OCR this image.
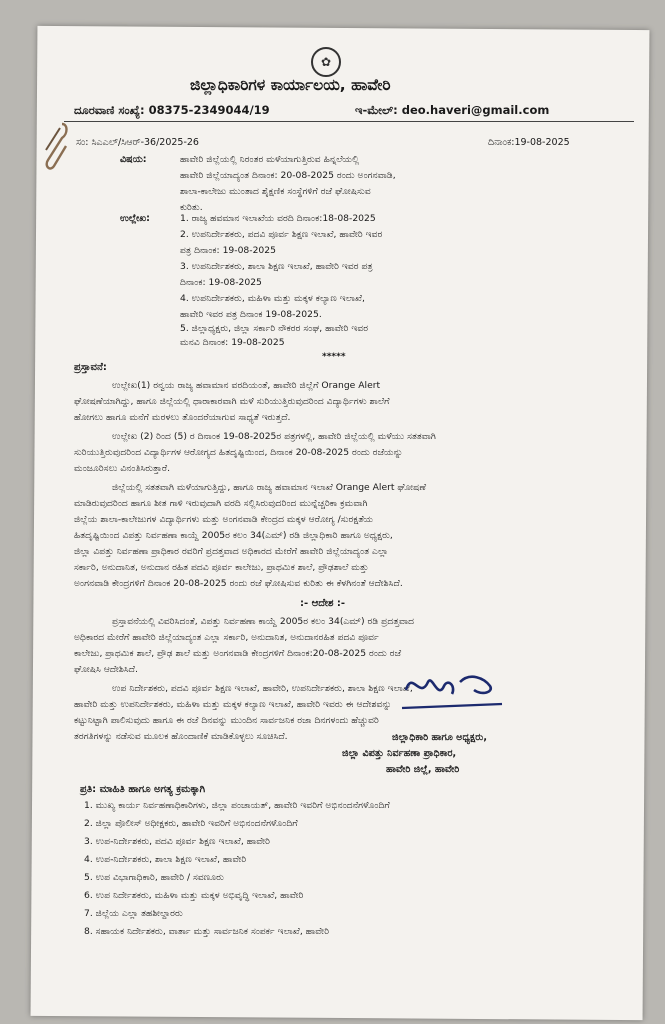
✿
ಜಿಲ್ಲಾಧಿಕಾರಿಗಳ ಕಾರ್ಯಾಲಯ, ಹಾವೇರಿ
ದೂರವಾಣಿ ಸಂಖ್ಯೆ: 08375-2349044/19	ಇ-ಮೇಲ್: deo.haveri@gmail.com
ಸಂ: ಸಿಎಎಲ್/ಸಿಆರ್-36/2025-26	ದಿನಾಂಕ:19-08-2025
ವಿಷಯ:	ಹಾವೇರಿ ಜಿಲ್ಲೆಯಲ್ಲಿ ನಿರಂತರ ಮಳೆಯಾಗುತ್ತಿರುವ ಹಿನ್ನಲೆಯಲ್ಲಿ
ಹಾವೇರಿ ಜಿಲ್ಲೆಯಾದ್ಯಂತ ದಿನಾಂಕ: 20-08-2025 ರಂದು ಅಂಗನವಾಡಿ,
ಶಾಲಾ-ಕಾಲೇಜು ಮುಂತಾದ ಶೈಕ್ಷಣಿಕ ಸಂಸ್ಥೆಗಳಿಗೆ ರಜೆ ಘೋಷಿಸುವ
ಕುರಿತು.
ಉಲ್ಲೇಖ:	1. ರಾಜ್ಯ ಹವಮಾನ ಇಲಾಖೆಯ ವರದಿ ದಿನಾಂಕ:18-08-2025
2. ಉಪನಿರ್ದೇಶಕರು, ಪದವಿ ಪೂರ್ವ ಶಿಕ್ಷಣ ಇಲಾಖೆ, ಹಾವೇರಿ ಇವರ
ಪತ್ರ ದಿನಾಂಕ: 19-08-2025
3. ಉಪನಿರ್ದೇಶಕರು, ಶಾಲಾ ಶಿಕ್ಷಣ ಇಲಾಖೆ, ಹಾವೇರಿ ಇವರ ಪತ್ರ
ದಿನಾಂಕ: 19-08-2025
4. ಉಪನಿರ್ದೇಶಕರು, ಮಹಿಳಾ ಮತ್ತು ಮಕ್ಕಳ ಕಲ್ಯಾಣ ಇಲಾಖೆ,
ಹಾವೇರಿ ಇವರ ಪತ್ರ ದಿನಾಂಕ 19-08-2025.
5. ಜಿಲ್ಲಾಧ್ಯಕ್ಷರು, ಜಿಲ್ಲಾ ಸರ್ಕಾರಿ ನೌಕರರ ಸಂಘ, ಹಾವೇರಿ ಇವರ
ಮನವಿ ದಿನಾಂಕ: 19-08-2025
*****
ಪ್ರಸ್ತಾವನೆ:
ಉಲ್ಲೇಖ(1) ರನ್ವಯ ರಾಜ್ಯ ಹವಾಮಾನ ವರದಿಯಂತೆ, ಹಾವೇರಿ ಜಿಲ್ಲೆಗೆ Orange Alert
ಘೋಷಣೆಯಾಗಿದ್ದು, ಹಾಗೂ ಜಿಲ್ಲೆಯಲ್ಲಿ ಧಾರಾಕಾರವಾಗಿ ಮಳೆ ಸುರಿಯುತ್ತಿರುವುದರಿಂದ ವಿದ್ಯಾರ್ಥಿಗಳು ಶಾಲೆಗೆ
ಹೋಗಲು ಹಾಗೂ ಮನೆಗೆ ಮರಳಲು ತೊಂದರೆಯಾಗುವ ಸಾಧ್ಯತೆ ಇರುತ್ತದೆ.
ಉಲ್ಲೇಖ (2) ರಿಂದ (5) ರ ದಿನಾಂಕ 19-08-2025ರ ಪತ್ರಗಳಲ್ಲಿ, ಹಾವೇರಿ ಜಿಲ್ಲೆಯಲ್ಲಿ ಮಳೆಯು ಸತತವಾಗಿ
ಸುರಿಯುತ್ತಿರುವುದರಿಂದ ವಿದ್ಯಾರ್ಥಿಗಳ ಆರೋಗ್ಯದ ಹಿತದೃಷ್ಟಿಯಿಂದ, ದಿನಾಂಕ 20-08-2025 ರಂದು ರಜೆಯನ್ನು
ಮಂಜೂರಿಸಲು ವಿನಂತಿಸಿರುತ್ತಾರೆ.
ಜಿಲ್ಲೆಯಲ್ಲಿ ಸತತವಾಗಿ ಮಳೆಯಾಗುತ್ತಿದ್ದು, ಹಾಗೂ ರಾಜ್ಯ ಹವಾಮಾನ ಇಲಾಖೆ Orange Alert ಘೋಷಣೆ
ಮಾಡಿರುವುದರಿಂದ ಹಾಗೂ ಶೀತ ಗಾಳಿ ಇರುವುದಾಗಿ ವರದಿ ಸಲ್ಲಿಸಿರುವುದರಿಂದ ಮುನ್ನೆಚ್ಚರಿಕಾ ಕ್ರಮವಾಗಿ
ಜಿಲ್ಲೆಯ ಶಾಲಾ-ಕಾಲೇಜುಗಳ ವಿದ್ಯಾರ್ಥಿಗಳು ಮತ್ತು ಅಂಗನವಾಡಿ ಕೇಂದ್ರದ ಮಕ್ಕಳ ಆರೋಗ್ಯ /ಸುರಕ್ಷತೆಯ
ಹಿತದೃಷ್ಟಿಯಿಂದ ವಿಪತ್ತು ನಿರ್ವಹಣಾ ಕಾಯ್ದೆ 2005ರ ಕಲಂ 34(ಎಮ್) ರಡಿ ಜಿಲ್ಲಾಧಿಕಾರಿ ಹಾಗೂ ಅಧ್ಯಕ್ಷರು,
ಜಿಲ್ಲಾ ವಿಪತ್ತು ನಿರ್ವಹಣಾ ಪ್ರಾಧಿಕಾರ ರವರಿಗೆ ಪ್ರದತ್ತವಾದ ಅಧಿಕಾರದ ಮೇರೆಗೆ ಹಾವೇರಿ ಜಿಲ್ಲೆಯಾದ್ಯಂತ ಎಲ್ಲಾ
ಸರ್ಕಾರಿ, ಅನುದಾನಿತ, ಅನುದಾನ ರಹಿತ ಪದವಿ ಪೂರ್ವ ಕಾಲೇಜು, ಪ್ರಾಥಮಿಕ ಶಾಲೆ, ಪ್ರೌಢಶಾಲೆ ಮತ್ತು
ಅಂಗನವಾಡಿ ಕೇಂದ್ರಗಳಿಗೆ ದಿನಾಂಕ 20-08-2025 ರಂದು ರಜೆ ಘೋಷಿಸುವ ಕುರಿತು ಈ ಕೆಳಗಿನಂತೆ ಆದೇಶಿಸಿದೆ.
:- ಆದೇಶ :-
ಪ್ರಸ್ತಾವನೆಯಲ್ಲಿ ವಿವರಿಸಿದಂತೆ, ವಿಪತ್ತು ನಿರ್ವಹಣಾ ಕಾಯ್ದೆ 2005ರ ಕಲಂ 34(ಎಮ್) ರಡಿ ಪ್ರದತ್ತವಾದ
ಅಧಿಕಾರದ ಮೇರೆಗೆ ಹಾವೇರಿ ಜಿಲ್ಲೆಯಾದ್ಯಂತ ಎಲ್ಲಾ ಸರ್ಕಾರಿ, ಅನುದಾನಿತ, ಅನುದಾನರಹಿತ ಪದವಿ ಪೂರ್ವ
ಕಾಲೇಜು, ಪ್ರಾಥಮಿಕ ಶಾಲೆ, ಪ್ರೌಢ ಶಾಲೆ ಮತ್ತು ಅಂಗನವಾಡಿ ಕೇಂದ್ರಗಳಿಗೆ ದಿನಾಂಕ:20-08-2025 ರಂದು ರಜೆ
ಘೋಷಿಸಿ ಆದೇಶಿಸಿದೆ.
ಉಪ ನಿರ್ದೇಶಕರು, ಪದವಿ ಪೂರ್ವ ಶಿಕ್ಷಣ ಇಲಾಖೆ, ಹಾವೇರಿ, ಉಪನಿರ್ದೇಶಕರು, ಶಾಲಾ ಶಿಕ್ಷಣ ಇಲಾಖೆ,
ಹಾವೇರಿ ಮತ್ತು ಉಪನಿರ್ದೇಶಕರು, ಮಹಿಳಾ ಮತ್ತು ಮಕ್ಕಳ ಕಲ್ಯಾಣ ಇಲಾಖೆ, ಹಾವೇರಿ ಇವರು ಈ ಆದೇಶವನ್ನು
ಕಟ್ಟುನಿಟ್ಟಾಗಿ ಪಾಲಿಸುವುದು ಹಾಗೂ ಈ ರಜೆ ದಿನವನ್ನು ಮುಂದಿನ ಸಾರ್ವಜನಿಕ ರಜಾ ದಿನಗಳಂದು ಹೆಚ್ಚುವರಿ
ತರಗತಿಗಳನ್ನು ನಡೆಸುವ ಮೂಲಕ ಹೊಂದಾಣಿಕೆ ಮಾಡಿಕೊಳ್ಳಲು ಸೂಚಿಸಿದೆ.	ಜಿಲ್ಲಾಧಿಕಾರಿ ಹಾಗೂ ಅಧ್ಯಕ್ಷರು,
ಜಿಲ್ಲಾ ವಿಪತ್ತು ನಿರ್ವಹಣಾ ಪ್ರಾಧಿಕಾರ,
ಹಾವೇರಿ ಜಿಲ್ಲೆ, ಹಾವೇರಿ
ಪ್ರತಿ: ಮಾಹಿತಿ ಹಾಗೂ ಅಗತ್ಯ ಕ್ರಮಕ್ಕಾಗಿ
1. ಮುಖ್ಯ ಕಾರ್ಯ ನಿರ್ವಹಣಾಧಿಕಾರಿಗಳು, ಜಿಲ್ಲಾ ಪಂಚಾಯತ್, ಹಾವೇರಿ ಇವರಿಗೆ ಅಭಿನಂದನೆಗಳೊಂದಿಗೆ
2. ಜಿಲ್ಲಾ ಪೊಲೀಸ್ ಅಧೀಕ್ಷಕರು, ಹಾವೇರಿ ಇವರಿಗೆ ಅಭಿನಂದನೆಗಳೊಂದಿಗೆ
3. ಉಪ-ನಿರ್ದೇಶಕರು, ಪದವಿ ಪೂರ್ವ ಶಿಕ್ಷಣ ಇಲಾಖೆ, ಹಾವೇರಿ
4. ಉಪ-ನಿರ್ದೇಶಕರು, ಶಾಲಾ ಶಿಕ್ಷಣ ಇಲಾಖೆ, ಹಾವೇರಿ
5. ಉಪ ವಿಭಾಗಾಧಿಕಾರಿ, ಹಾವೇರಿ / ಸವಣೂರು
6. ಉಪ ನಿರ್ದೇಶಕರು, ಮಹಿಳಾ ಮತ್ತು ಮಕ್ಕಳ ಅಭಿವೃದ್ಧಿ ಇಲಾಖೆ, ಹಾವೇರಿ
7. ಜಿಲ್ಲೆಯ ಎಲ್ಲಾ ತಹಶೀಲ್ದಾರರು
8. ಸಹಾಯಕ ನಿರ್ದೇಶಕರು, ವಾರ್ತಾ ಮತ್ತು ಸಾರ್ವಜನಿಕ ಸಂಪರ್ಕ ಇಲಾಖೆ, ಹಾವೇರಿ
